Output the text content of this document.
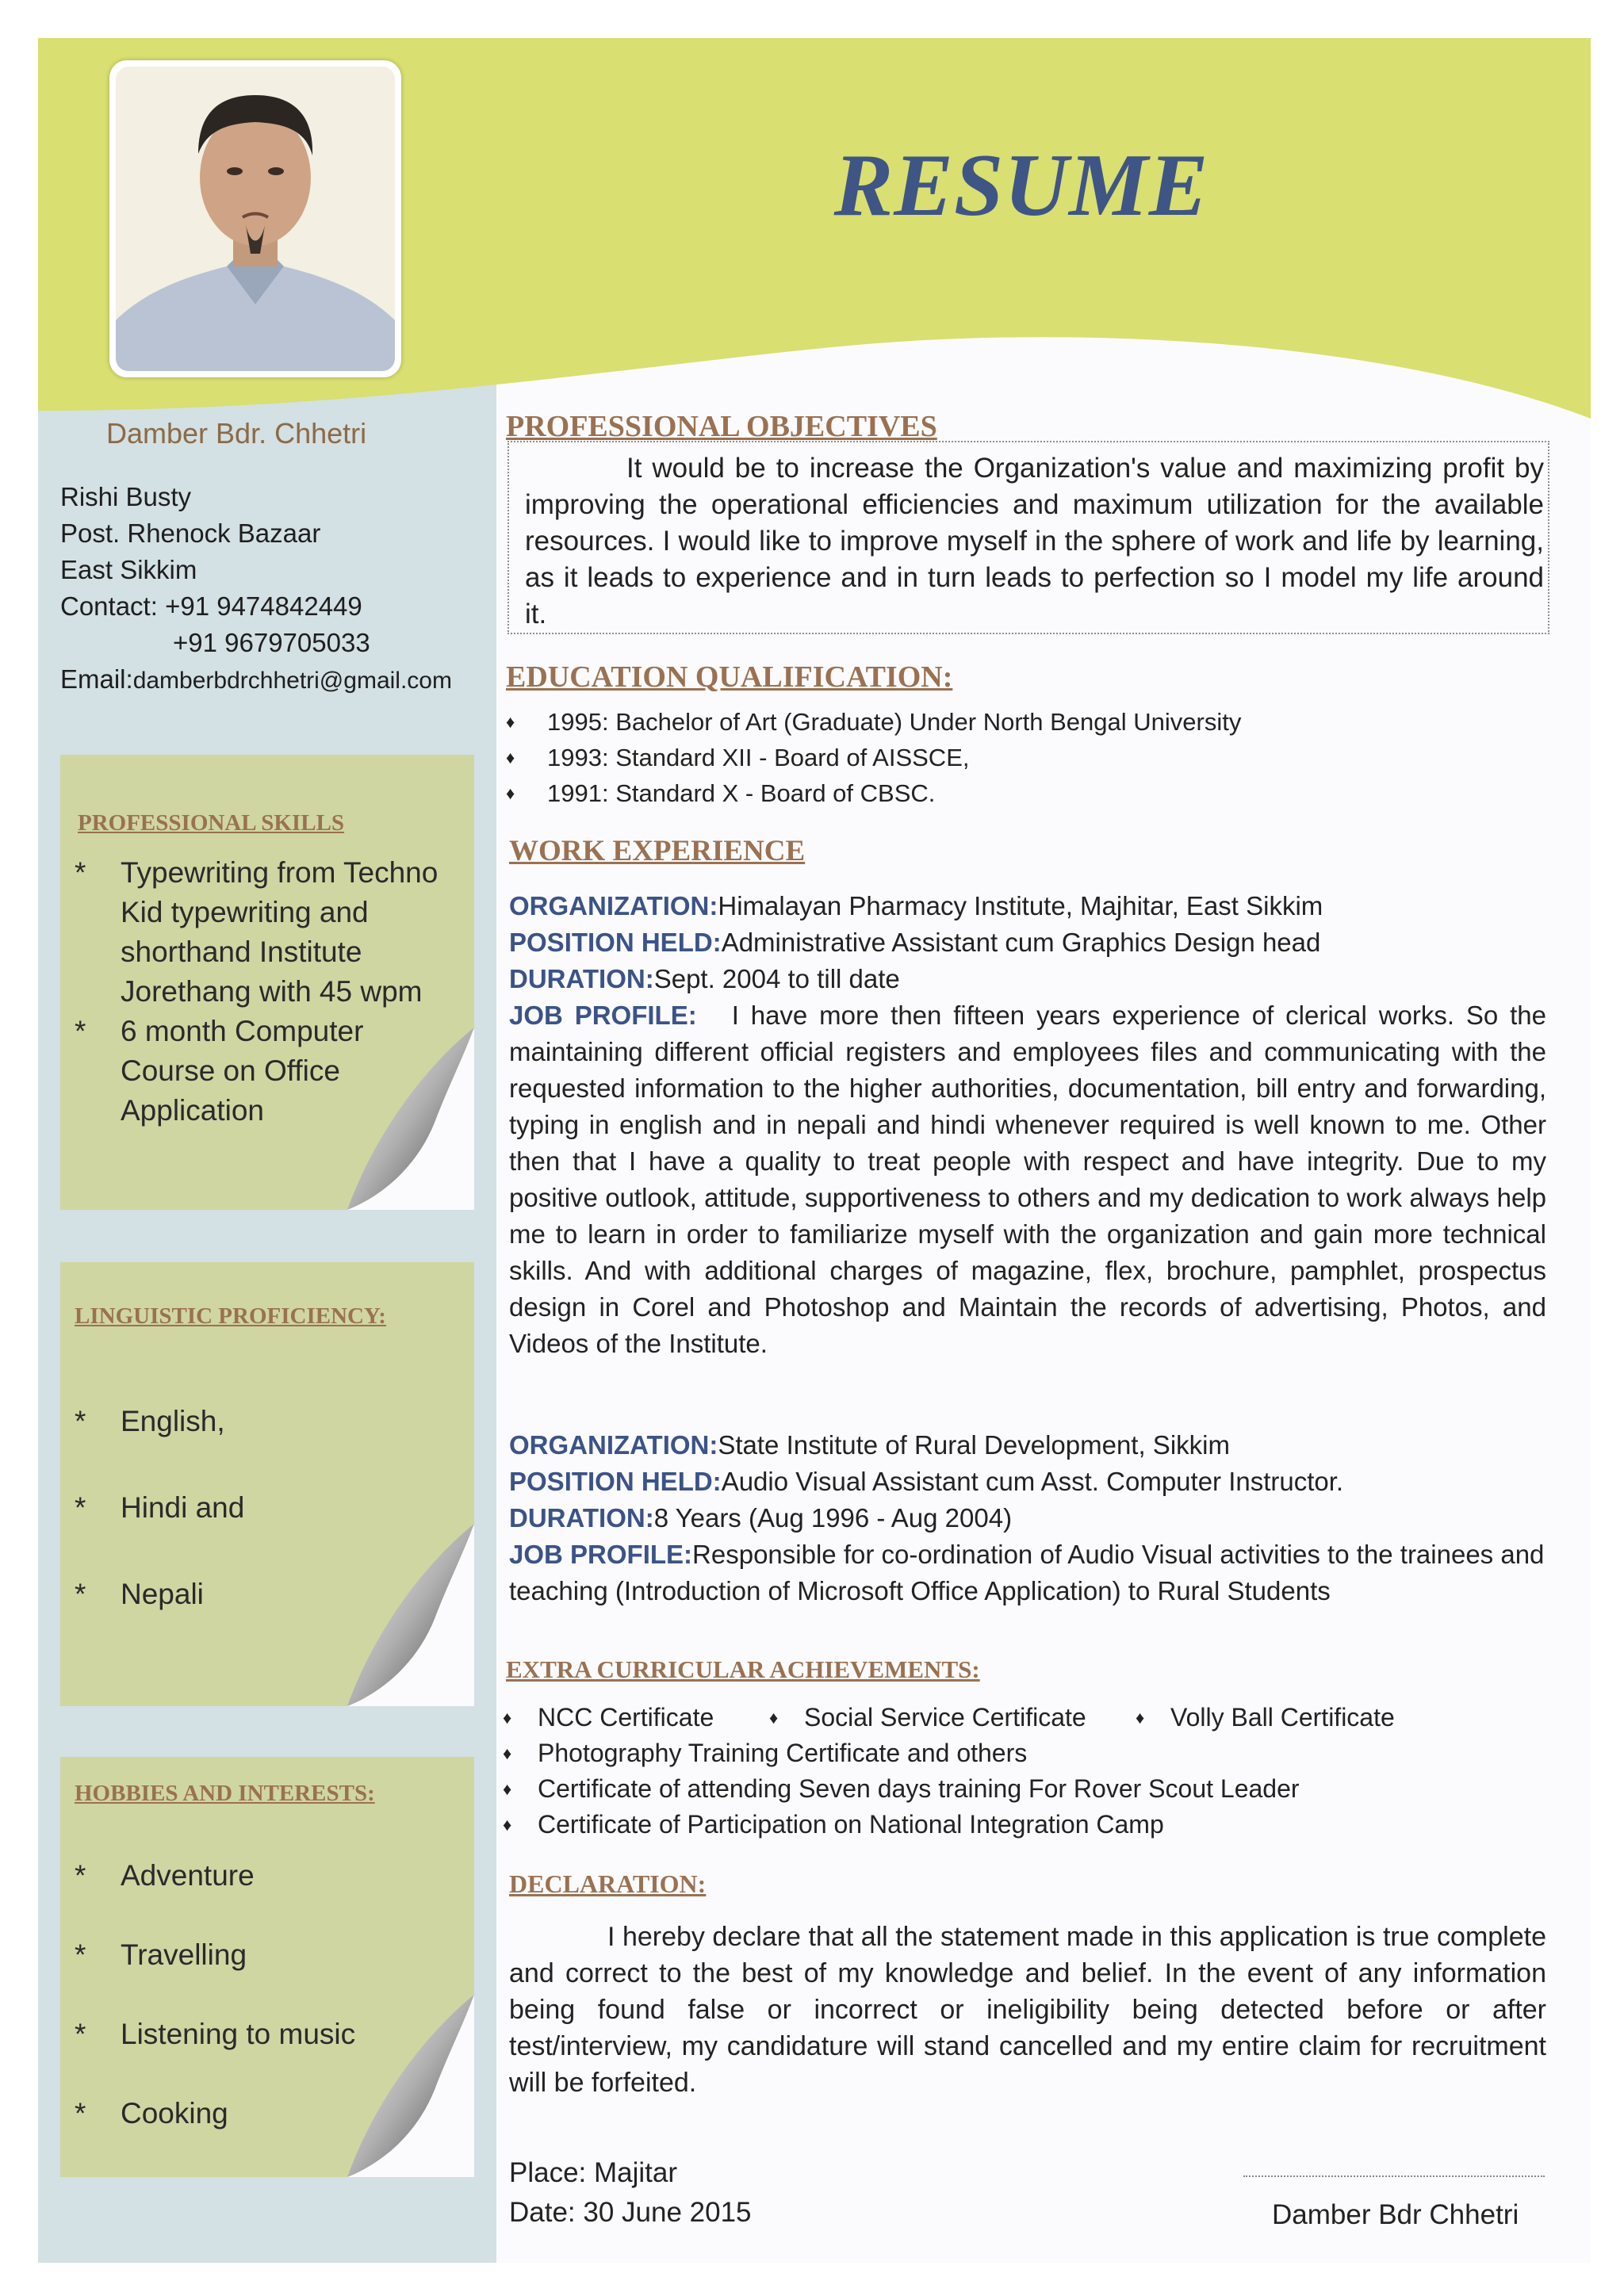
RESUME
Damber Bdr. Chhetri
Rishi Busty
Post. Rhenock Bazaar
East Sikkim
Contact: +91 9474842449
+91 9679705033
Email:damberbdrchhetri@gmail.com
PROFESSIONAL SKILLS
*	Typewriting from Techno Kid typewriting and shorthand Institute Jorethang with 45 wpm
*	6 month Computer Course on Office Application
LINGUISTIC PROFICIENCY:
*	English,
*	Hindi and
*	Nepali
HOBBIES AND INTERESTS:
*	Adventure
*	Travelling
*	Listening to music
*	Cooking
PROFESSIONAL OBJECTIVES
It would be to increase the Organization's value and maximizing profit by improving the operational efficiencies and maximum utilization for the available resources. I would like to improve myself in the sphere of work and life by learning, as it leads to experience and in turn leads to perfection so I model my life around it.
EDUCATION QUALIFICATION:
♦	1995: Bachelor of Art (Graduate) Under North Bengal University
♦	1993: Standard XII - Board of AISSCE,
♦	1991: Standard X - Board of CBSC.
WORK EXPERIENCE
ORGANIZATION:Himalayan Pharmacy Institute, Majhitar, East Sikkim
POSITION HELD:Administrative Assistant cum Graphics Design head
DURATION:Sept. 2004 to till date
JOB PROFILE: I have more then fifteen years experience of clerical works. So the maintaining different official registers and employees files and communicating with the requested information to the higher authorities, documentation, bill entry and forwarding, typing in english and in nepali and hindi whenever required is well known to me. Other then that I have a quality to treat people with respect and have integrity. Due to my positive outlook, attitude, supportiveness to others and my dedication to work always help me to learn in order to familiarize myself with the organization and gain more technical skills. And with additional charges of magazine, flex, brochure, pamphlet, prospectus design in Corel and Photoshop and Maintain the records of advertising, Photos, and Videos of the Institute.
ORGANIZATION:State Institute of Rural Development, Sikkim
POSITION HELD:Audio Visual Assistant cum Asst. Computer Instructor.
DURATION:8 Years (Aug 1996 - Aug 2004)
JOB PROFILE:Responsible for co-ordination of Audio Visual activities to the trainees and teaching (Introduction of Microsoft Office Application) to Rural Students
EXTRA CURRICULAR ACHIEVEMENTS:
♦	NCC Certificate	♦	Social Service Certificate	♦	Volly Ball Certificate
♦	Photography Training Certificate and others
♦	Certificate of attending Seven days training For Rover Scout Leader
♦	Certificate of Participation on National Integration Camp
DECLARATION:
I hereby declare that all the statement made in this application is true complete and correct to the best of my knowledge and belief. In the event of any information being found false or incorrect or ineligibility being detected before or after test/interview, my candidature will stand cancelled and my entire claim for recruitment will be forfeited.
Place: Majitar
Date: 30 June 2015	Damber Bdr Chhetri
